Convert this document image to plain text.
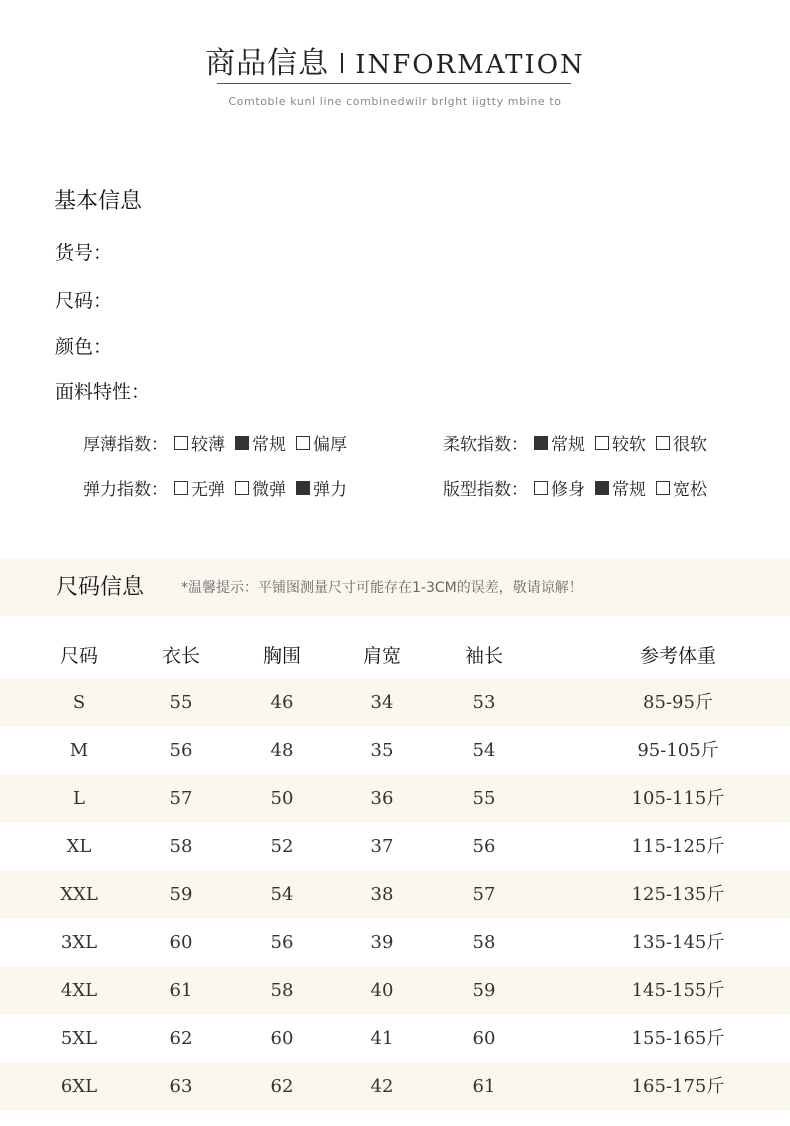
商品信息 INFORMATION
Comtoble kunl line combinedwilr brlght iigtty mbine to
基本信息
货号：
尺码：
颜色：
面料特性：
厚薄指数： 较薄 常规 偏厚	柔软指数： 常规 较软 很软
弹力指数： 无弹 微弹 弹力	版型指数： 修身 常规 宽松
尺码信息	*温馨提示：平铺图测量尺寸可能存在1-3CM的误差，敬请谅解！
尺码	衣长	胸围	肩宽	袖长	参考体重
S	55	46	34	53	85-95斤
M	56	48	35	54	95-105斤
L	57	50	36	55	105-115斤
XL	58	52	37	56	115-125斤
XXL	59	54	38	57	125-135斤
3XL	60	56	39	58	135-145斤
4XL	61	58	40	59	145-155斤
5XL	62	60	41	60	155-165斤
6XL	63	62	42	61	165-175斤
